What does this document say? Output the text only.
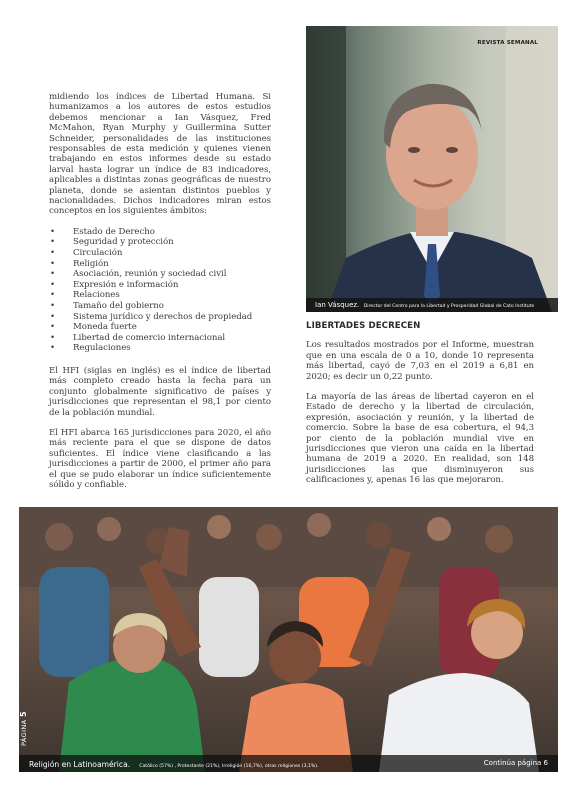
midiendo los índices de Libertad Humana. Si humanizamos a los autores de estos estudios debemos mencionar a Ian Vásquez, Fred McMahon, Ryan Murphy y Guillermina Sutter Schneider, personalidades de las instituciones responsables de esta medición y quienes vienen trabajando en estos informes desde su estado larval hasta lograr un índice de 83 indicadores, aplicables a distintas zonas geográficas de nuestro planeta, donde se asientan distintos pueblos y nacionalidades. Dichos indicadores miran estos conceptos en los siguientes ámbitos:

• Estado de Derecho
• Seguridad y protección
• Circulación
• Religión
• Asociación, reunión y sociedad civil
• Expresión e información
• Relaciones
• Tamaño del gobierno
• Sistema jurídico y derechos de propiedad
• Moneda fuerte
• Libertad de comercio internacional
• Regulaciones

El HFI (siglas en inglés) es el índice de libertad más completo creado hasta la fecha para un conjunto globalmente significativo de países y jurisdicciones que representan el 98,1 por ciento de la población mundial.

El HFI abarca 165 jurisdicciones para 2020, el año más reciente para el que se dispone de datos suficientes. El índice viene clasificando a las jurisdicciones a partir de 2000, el primer año para el que se pudo elaborar un índice suficientemente sólido y confiable.

REVISTA SEMANAL
Ian Vásquez. Director del Centro para la Libertad y Prosperidad Global de Cato Institute
LIBERTADES DECRECEN

Los resultados mostrados por el Informe, muestran que en una escala de 0 a 10, donde 10 representa más libertad, cayó de 7,03 en el 2019 a 6,81 en 2020; es decir un 0,22 punto.

La mayoría de las áreas de libertad cayeron en el Estado de derecho y la libertad de circulación, expresión, asociación y reunión, y la libertad de comercio. Sobre la base de esa cobertura, el 94,3 por ciento de la población mundial vive en jurisdicciones que vieron una caída en la libertad humana de 2019 a 2020. En realidad, son 148 jurisdicciones las que disminuyeron sus calificaciones y, apenas 16 las que mejoraron.

PÁGINA 5
Religión en Latinoamérica. Católico (57%) , Protestante (21%), Irreligión (16,7%), otras religiones (3,1%).	Continúa página 6
